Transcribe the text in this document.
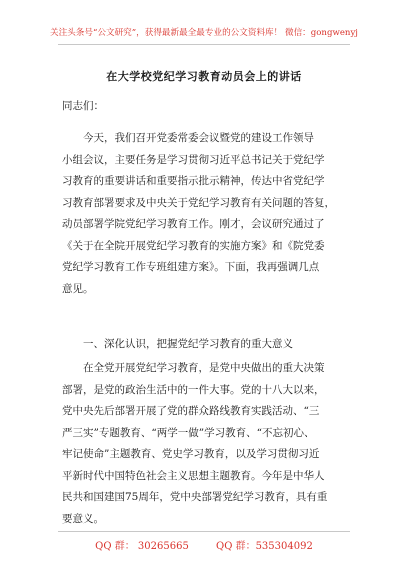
关注头条号“公文研究”，获得最新最全最专业的公文资料库！ 微信：gongwenyj
在大学校党纪学习教育动员会上的讲话
同志们：
今天，我们召开党委常委会议暨党的建设工作领导
小组会议，主要任务是学习贯彻习近平总书记关于党纪学
习教育的重要讲话和重要指示批示精神，传达中省党纪学
习教育部署要求及中央关于党纪学习教育有关问题的答复，
动员部署学院党纪学习教育工作。刚才，会议研究通过了
《关于在全院开展党纪学习教育的实施方案》和《院党委
党纪学习教育工作专班组建方案》。下面，我再强调几点
意见。
一、深化认识，把握党纪学习教育的重大意义
在全党开展党纪学习教育，是党中央做出的重大决策
部署，是党的政治生活中的一件大事。党的十八大以来，
党中央先后部署开展了党的群众路线教育实践活动、“三
严三实”专题教育、“两学一做”学习教育、“不忘初心、
牢记使命”主题教育、党史学习教育，以及学习贯彻习近
平新时代中国特色社会主义思想主题教育。今年是中华人
民共和国建国75周年，党中央部署党纪学习教育，具有重
要意义。
QQ 群： 30265665	QQ 群：535304092
